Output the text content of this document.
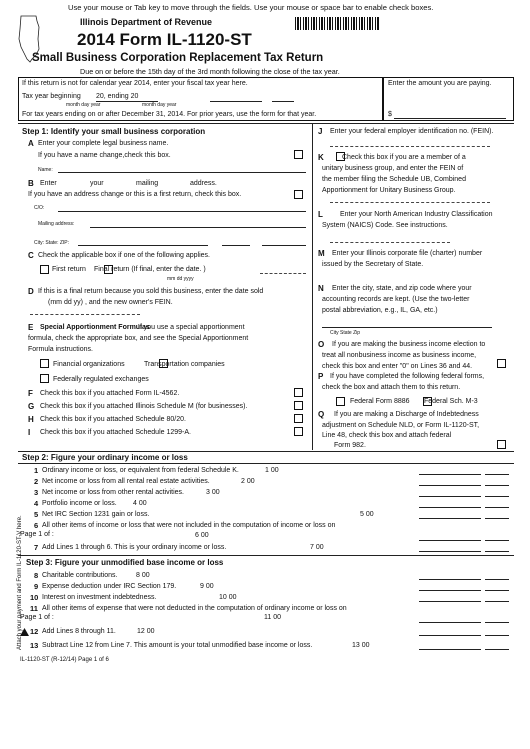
Use your mouse or Tab key to move through the fields. Use your mouse or space bar to enable check boxes.
Illinois Department of Revenue
2014 Form IL-1120-ST
Small Business Corporation Replacement Tax Return
Due on or before the 15th day of the 3rd month following the close of the tax year.
If this return is not for calendar year 2014, enter your fiscal tax year here.
Tax year beginning 20, ending 20
month day year	month day year
For tax years ending on or after December 31, 2014. For prior years, use the form for that year.
Enter the amount you are paying.
$
Step 1: Identify your small business corporation
A Enter your complete legal business name.
If you have a name change,check this box.
Name:
B Enter	your	mailing	address.
If you have an address change or this is a first return, check this box.
C/O:
Mailing address:
City: State: ZIP:
C Check the applicable box if one of the following applies.
First return Final return (If final, enter the date. )
mm dd yyyy
D If this is a final return because you sold this business, enter the date sold
(mm dd yy) , and the new owner's FEIN.
E Special Apportionment Formulas
. If you use a special apportionment
formula, check the appropriate box, and see the Special Apportionment
Formula instructions.
Financial organizations	Transportation companies
Federally regulated exchanges
F Check this box if you attached Form IL-4562.
G Check this box if you attached Illinois Schedule M (for businesses).
H Check this box if you attached Schedule 80/20.
I Check this box if you attached Schedule 1299-A.
J Enter your federal employer identification no. (FEIN).
K	Check this box if you are a member of a
unitary business group, and enter the FEIN of
the member filing the Schedule UB, Combined
Apportionment for Unitary Business Group.
L Enter your North American Industry Classification
System (NAICS) Code. See instructions.
M Enter your Illinois corporate file (charter) number
issued by the Secretary of State.
N Enter the city, state, and zip code where your
accounting records are kept. (Use the two-letter
postal abbreviation, e.g., IL, GA, etc.)
City State Zip
O If you are making the business income election to
treat all nonbusiness income as business income,
check this box and enter "0" on Lines 36 and 44.
P If you have completed the following federal forms,
check the box and attach them to this return.
Federal Form 8886 Federal Sch. M-3
Q If you are making a Discharge of Indebtedness
adjustment on Schedule NLD, or Form IL-1120-ST,
Line 48, check this box and attach federal
Form 982.
Step 2: Figure your ordinary income or loss
1 Ordinary income or loss, or equivalent from federal Schedule K.	1 00
2 Net income or loss from all rental real estate activities.	2 00
3 Net income or loss from other rental activities.	3 00
4 Portfolio income or loss. 4 00
5 Net IRC Section 1231 gain or loss.	5 00
6 All other items of income or loss that were not included in the computation of income or loss on
6 00
Page 1 of :
7 Add Lines 1 through 6. This is your ordinary income or loss.	7 00
Step 3: Figure your unmodified base income or loss
8 Charitable contributions.	8 00
9 Expense deduction under IRC Section 179.	9 00
10 Interest on investment indebtedness.	10 00
11 All other items of expense that were not deducted in the computation of ordinary income or loss on
11 00
Page 1 of :
12 Add Lines 8 through 11.	12 00
13 Subtract Line 12 from Line 7. This amount is your total unmodified base income or loss.	13 00
Attach your payment and Form IL-1120-ST-V here.
IL-1120-ST (R-12/14) Page 1 of 6
